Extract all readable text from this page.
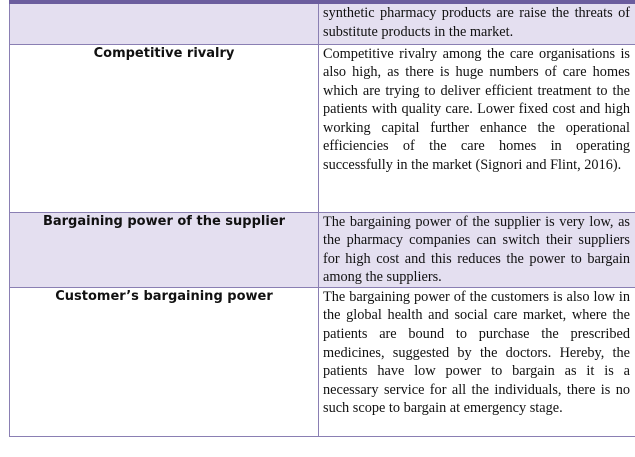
	synthetic pharmacy products are raise the threats of substitute products in the market.

Competitive rivalry	Competitive rivalry among the care organisations is also high, as there is huge numbers of care homes which are trying to deliver efficient treatment to the patients with quality care. Lower fixed cost and high working capital further enhance the operational efficiencies of the care homes in operating successfully in the market (Signori and Flint, 2016).

Bargaining power of the supplier	The bargaining power of the supplier is very low, as the pharmacy companies can switch their suppliers for high cost and this reduces the power to bargain among the suppliers.

Customer’s bargaining power	The bargaining power of the customers is also low in the global health and social care market, where the patients are bound to purchase the prescribed medicines, suggested by the doctors. Hereby, the patients have low power to bargain as it is a necessary service for all the individuals, there is no such scope to bargain at emergency stage.
